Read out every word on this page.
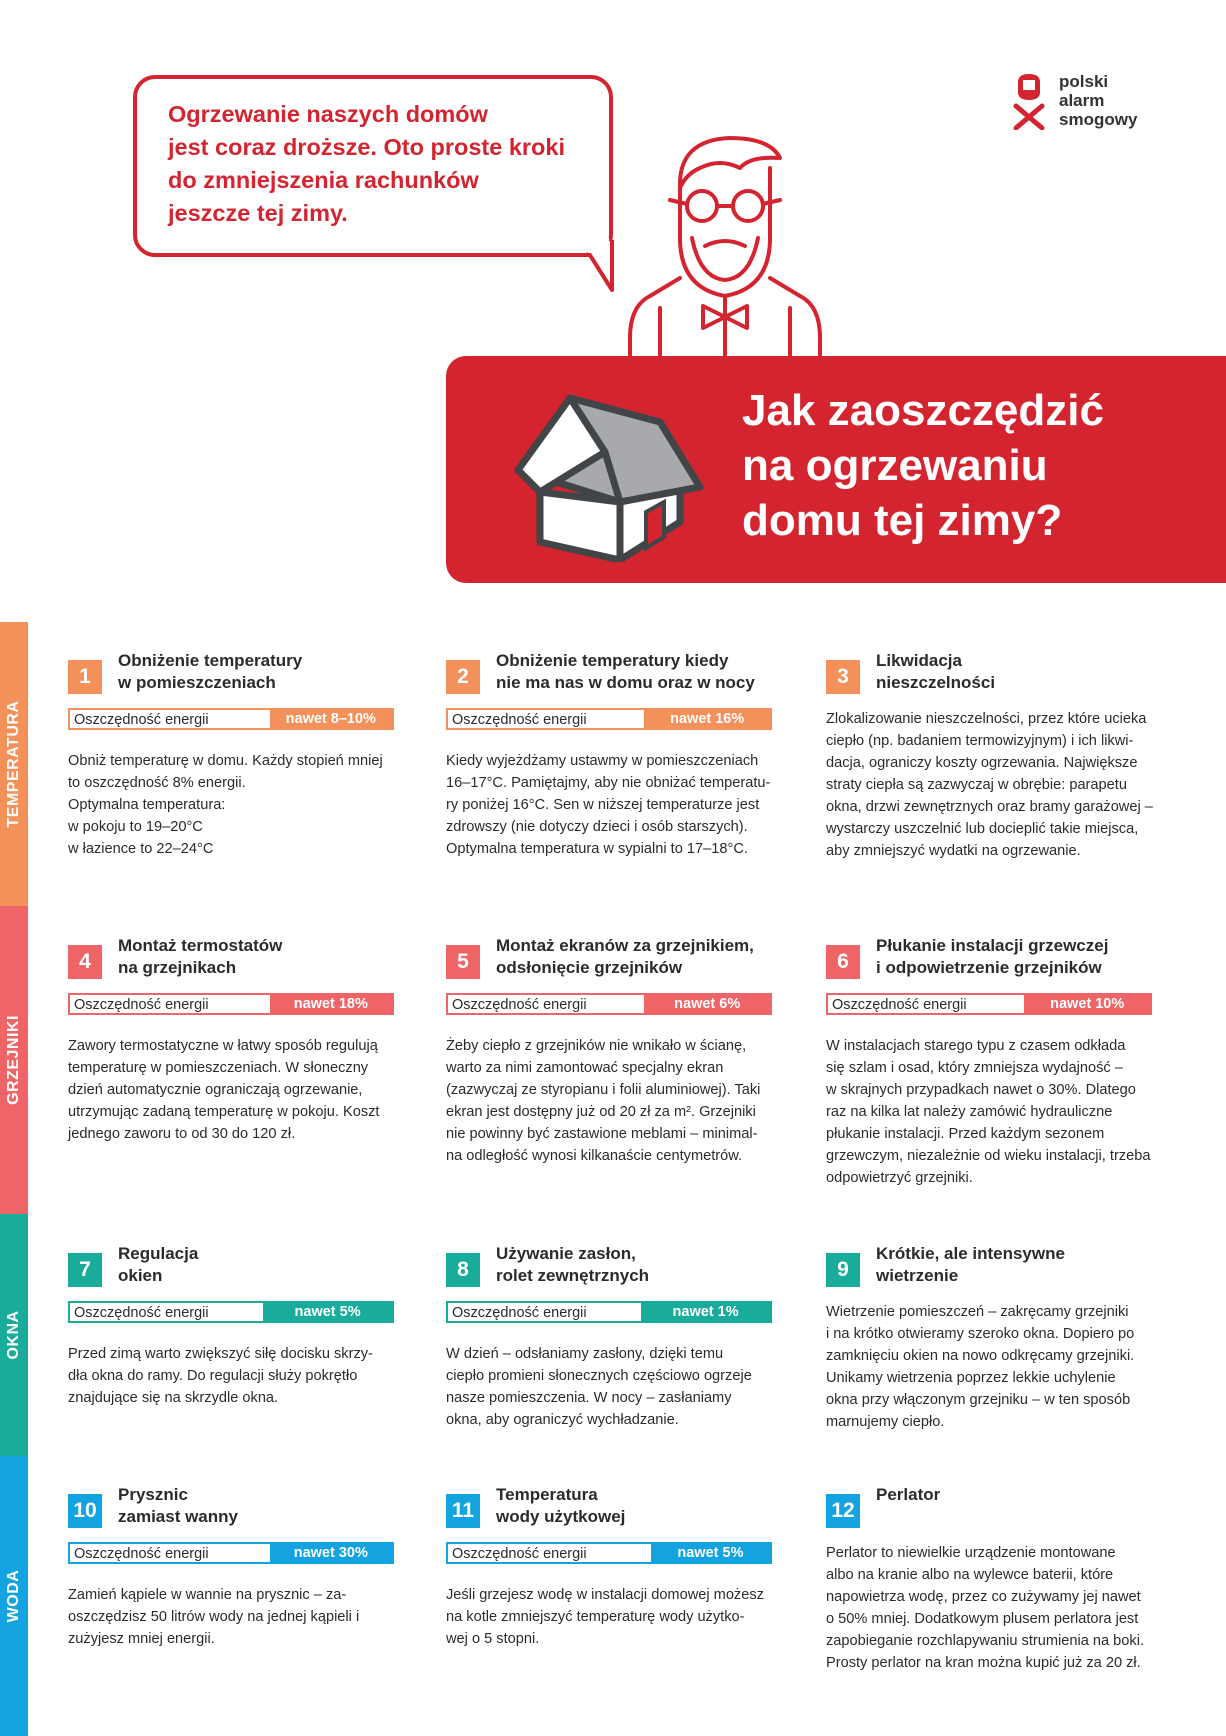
Ogrzewanie naszych domów
jest coraz droższe. Oto proste kroki
do zmniejszenia rachunków
jeszcze tej zimy.
polski
alarm
smogowy
Jak zaoszczędzić
na ogrzewaniu
domu tej zimy?
TEMPERATURA
GRZEJNIKI
OKNA
WODA
1
Obniżenie temperatury
w pomieszczeniach
Oszczędność energii	nawet 8–10%
Obniż temperaturę w domu. Każdy stopień mniej
to oszczędność 8% energii.
Optymalna temperatura:
w pokoju to 19–20°C
w łazience to 22–24°C
2
Obniżenie temperatury kiedy
nie ma nas w domu oraz w nocy
Oszczędność energii	nawet 16%
Kiedy wyjeżdżamy ustawmy w pomieszczeniach
16–17°C. Pamiętajmy, aby nie obniżać temperatu-
ry poniżej 16°C. Sen w niższej temperaturze jest
zdrowszy (nie dotyczy dzieci i osób starszych).
Optymalna temperatura w sypialni to 17–18°C.
3
Likwidacja
nieszczelności
Zlokalizowanie nieszczelności, przez które ucieka
ciepło (np. badaniem termowizyjnym) i ich likwi-
dacja, ograniczy koszty ogrzewania. Największe
straty ciepła są zazwyczaj w obrębie: parapetu
okna, drzwi zewnętrznych oraz bramy garażowej –
wystarczy uszczelnić lub docieplić takie miejsca,
aby zmniejszyć wydatki na ogrzewanie.
4
Montaż termostatów
na grzejnikach
Oszczędność energii	nawet 18%
Zawory termostatyczne w łatwy sposób regulują
temperaturę w pomieszczeniach. W słoneczny
dzień automatycznie ograniczają ogrzewanie,
utrzymując zadaną temperaturę w pokoju. Koszt
jednego zaworu to od 30 do 120 zł.
5
Montaż ekranów za grzejnikiem,
odsłonięcie grzejników
Oszczędność energii	nawet 6%
Żeby ciepło z grzejników nie wnikało w ścianę,
warto za nimi zamontować specjalny ekran
(zazwyczaj ze styropianu i folii aluminiowej). Taki
ekran jest dostępny już od 20 zł za m². Grzejniki
nie powinny być zastawione meblami – minimal-
na odległość wynosi kilkanaście centymetrów.
6
Płukanie instalacji grzewczej
i odpowietrzenie grzejników
Oszczędność energii	nawet 10%
W instalacjach starego typu z czasem odkłada
się szlam i osad, który zmniejsza wydajność –
w skrajnych przypadkach nawet o 30%. Dlatego
raz na kilka lat należy zamówić hydrauliczne
płukanie instalacji. Przed każdym sezonem
grzewczym, niezależnie od wieku instalacji, trzeba
odpowietrzyć grzejniki.
7
Regulacja
okien
Oszczędność energii	nawet 5%
Przed zimą warto zwiększyć siłę docisku skrzy-
dła okna do ramy. Do regulacji służy pokrętło
znajdujące się na skrzydle okna.
8
Używanie zasłon,
rolet zewnętrznych
Oszczędność energii	nawet 1%
W dzień – odsłaniamy zasłony, dzięki temu
ciepło promieni słonecznych częściowo ogrzeje
nasze pomieszczenia. W nocy – zasłaniamy
okna, aby ograniczyć wychładzanie.
9
Krótkie, ale intensywne
wietrzenie
Wietrzenie pomieszczeń – zakręcamy grzejniki
i na krótko otwieramy szeroko okna. Dopiero po
zamknięciu okien na nowo odkręcamy grzejniki.
Unikamy wietrzenia poprzez lekkie uchylenie
okna przy włączonym grzejniku – w ten sposób
marnujemy ciepło.
10
Prysznic
zamiast wanny
Oszczędność energii	nawet 30%
Zamień kąpiele w wannie na prysznic – za-
oszczędzisz 50 litrów wody na jednej kąpieli i
zużyjesz mniej energii.
11
Temperatura
wody użytkowej
Oszczędność energii	nawet 5%
Jeśli grzejesz wodę w instalacji domowej możesz
na kotle zmniejszyć temperaturę wody użytko-
wej o 5 stopni.
12
Perlator
Perlator to niewielkie urządzenie montowane
albo na kranie albo na wylewce baterii, które
napowietrza wodę, przez co zużywamy jej nawet
o 50% mniej. Dodatkowym plusem perlatora jest
zapobieganie rozchlapywaniu strumienia na boki.
Prosty perlator na kran można kupić już za 20 zł.
